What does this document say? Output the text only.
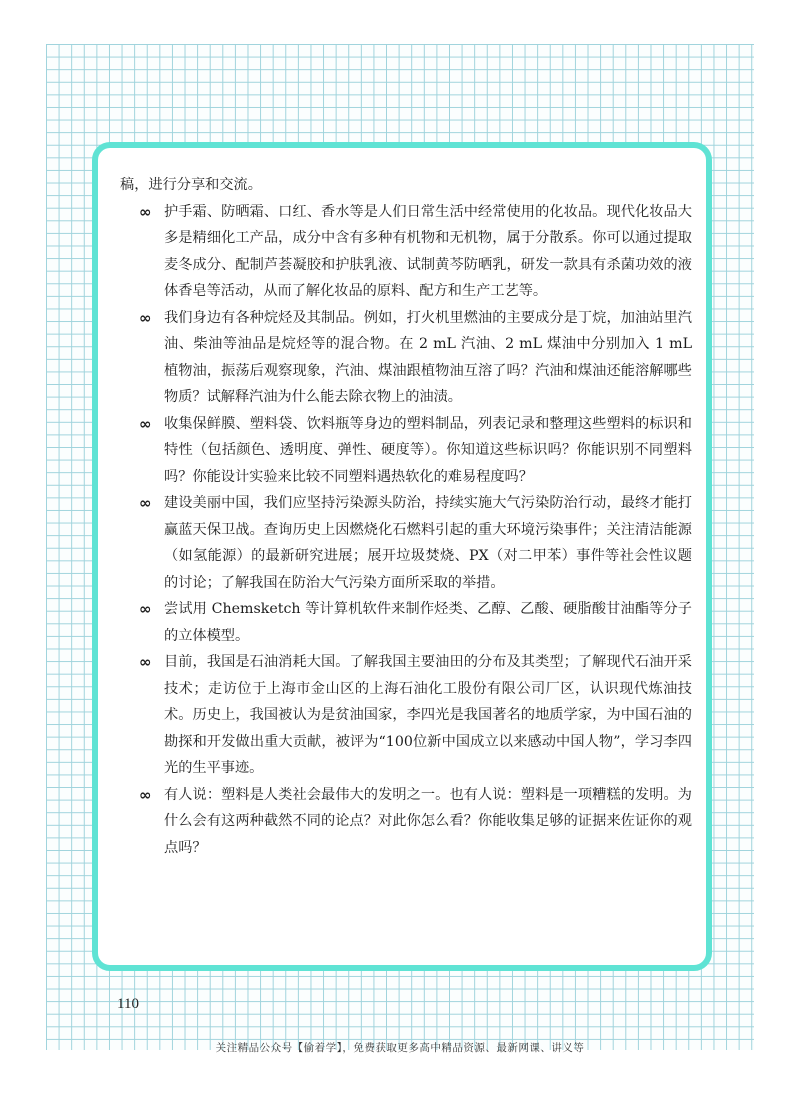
稿，进行分享和交流。

∞ 护手霜、防晒霜、口红、香水等是人们日常生活中经常使用的化妆品。现代化妆品大多是精细化工产品，成分中含有多种有机物和无机物，属于分散系。你可以通过提取麦冬成分、配制芦荟凝胶和护肤乳液、试制黄芩防晒乳，研发一款具有杀菌功效的液体香皂等活动，从而了解化妆品的原料、配方和生产工艺等。
∞ 我们身边有各种烷烃及其制品。例如，打火机里燃油的主要成分是丁烷，加油站里汽油、柴油等油品是烷烃等的混合物。在 2 mL 汽油、2 mL 煤油中分别加入 1 mL 植物油，振荡后观察现象，汽油、煤油跟植物油互溶了吗？汽油和煤油还能溶解哪些物质？试解释汽油为什么能去除衣物上的油渍。
∞ 收集保鲜膜、塑料袋、饮料瓶等身边的塑料制品，列表记录和整理这些塑料的标识和特性（包括颜色、透明度、弹性、硬度等）。你知道这些标识吗？你能识别不同塑料吗？你能设计实验来比较不同塑料遇热软化的难易程度吗？
∞ 建设美丽中国，我们应坚持污染源头防治，持续实施大气污染防治行动，最终才能打赢蓝天保卫战。查询历史上因燃烧化石燃料引起的重大环境污染事件；关注清洁能源（如氢能源）的最新研究进展；展开垃圾焚烧、PX（对二甲苯）事件等社会性议题的讨论；了解我国在防治大气污染方面所采取的举措。
∞ 尝试用 Chemsketch 等计算机软件来制作烃类、乙醇、乙酸、硬脂酸甘油酯等分子的立体模型。
∞ 目前，我国是石油消耗大国。了解我国主要油田的分布及其类型；了解现代石油开采技术；走访位于上海市金山区的上海石油化工股份有限公司厂区，认识现代炼油技术。历史上，我国被认为是贫油国家，李四光是我国著名的地质学家，为中国石油的勘探和开发做出重大贡献，被评为“100位新中国成立以来感动中国人物”，学习李四光的生平事迹。
∞ 有人说：塑料是人类社会最伟大的发明之一。也有人说：塑料是一项糟糕的发明。为什么会有这两种截然不同的论点？对此你怎么看？你能收集足够的证据来佐证你的观点吗？
110
关注精品公众号【偷着学】，免费获取更多高中精品资源、最新网课、讲义等
